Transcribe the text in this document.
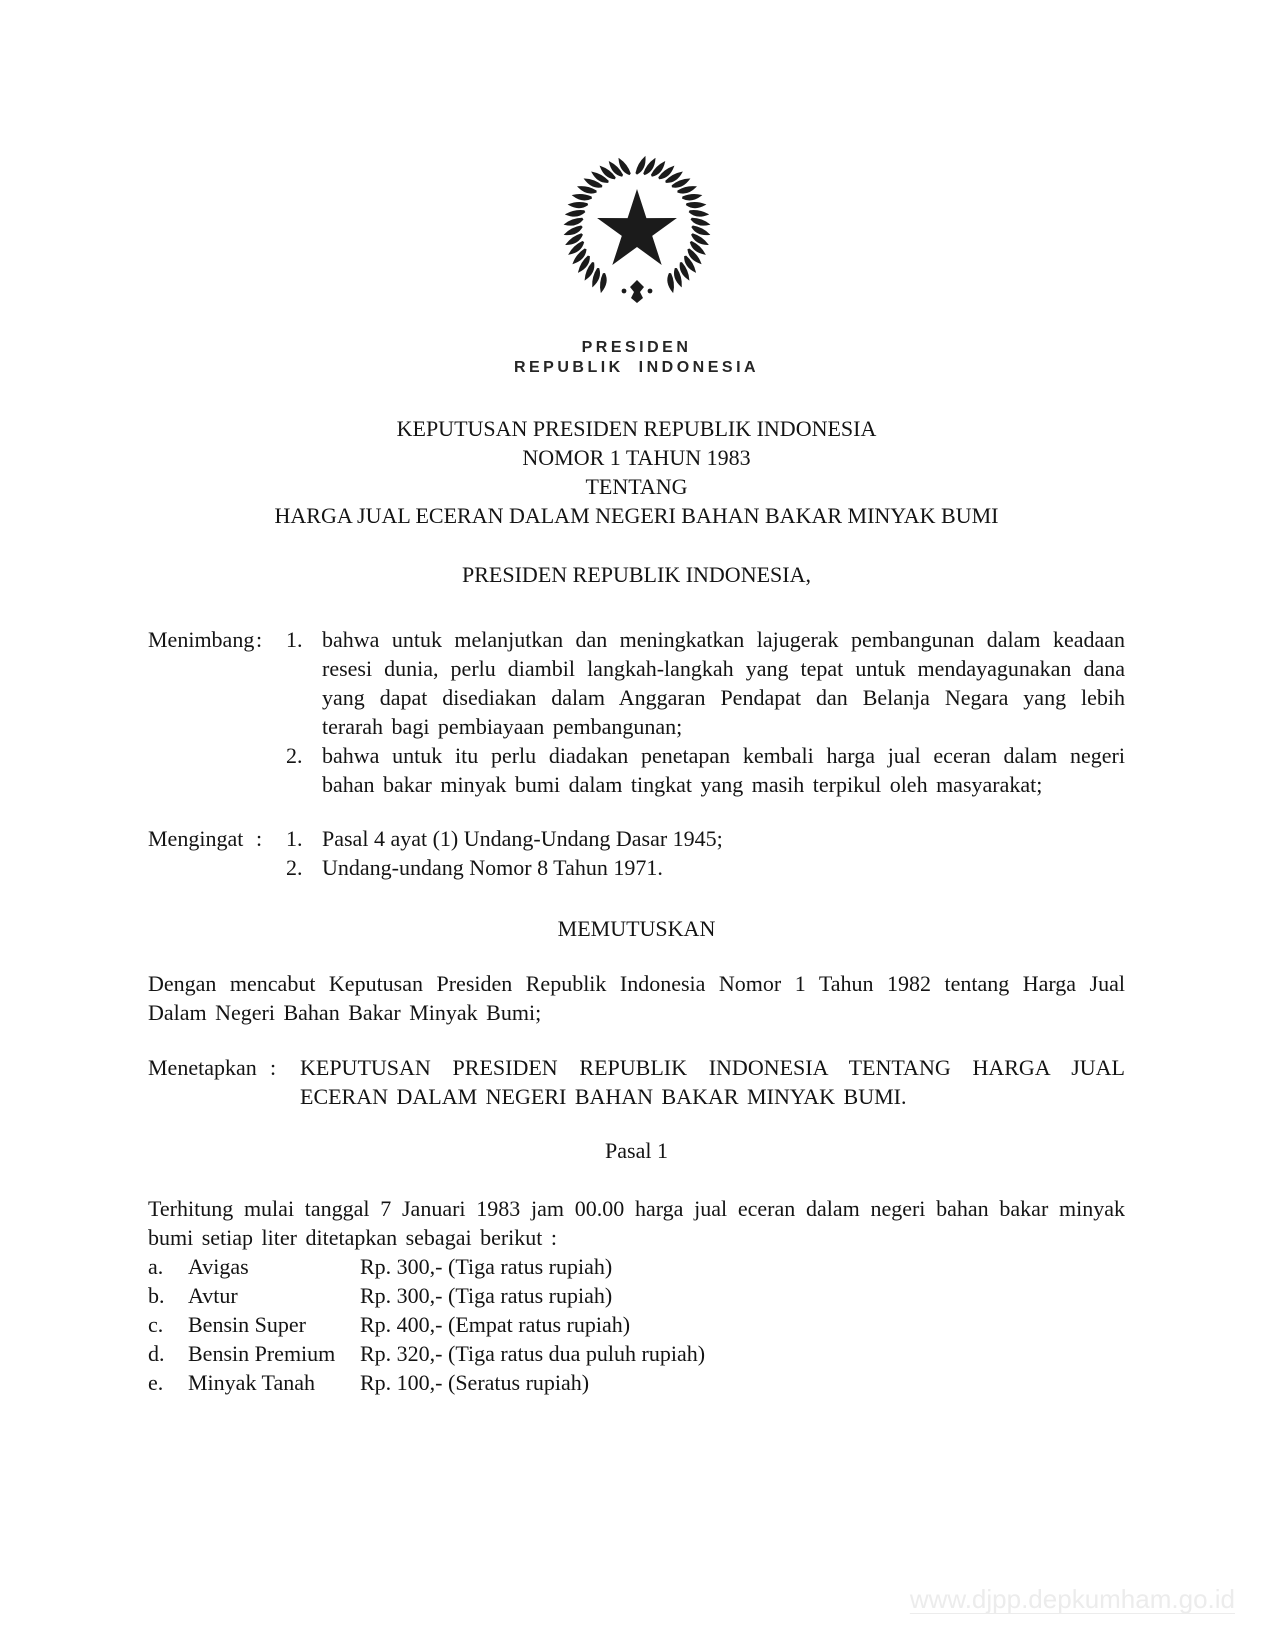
PRESIDEN
REPUBLIK INDONESIA
KEPUTUSAN PRESIDEN REPUBLIK INDONESIA
NOMOR 1 TAHUN 1983
TENTANG
HARGA JUAL ECERAN DALAM NEGERI BAHAN BAKAR MINYAK BUMI

PRESIDEN REPUBLIK INDONESIA,

Menimbang :	1. bahwa untuk melanjutkan dan meningkatkan lajugerak pembangunan dalam keadaan resesi dunia, perlu diambil langkah-langkah yang tepat untuk mendayagunakan dana yang dapat disediakan dalam Anggaran Pendapat dan Belanja Negara yang lebih terarah bagi pembiayaan pembangunan;
2. bahwa untuk itu perlu diadakan penetapan kembali harga jual eceran dalam negeri bahan bakar minyak bumi dalam tingkat yang masih terpikul oleh masyarakat;
Mengingat :	1. Pasal 4 ayat (1) Undang-Undang Dasar 1945;
2. Undang-undang Nomor 8 Tahun 1971.

MEMUTUSKAN

Dengan mencabut Keputusan Presiden Republik Indonesia Nomor 1 Tahun 1982 tentang Harga Jual Dalam Negeri Bahan Bakar Minyak Bumi;

Menetapkan :	KEPUTUSAN PRESIDEN REPUBLIK INDONESIA TENTANG HARGA JUAL ECERAN DALAM NEGERI BAHAN BAKAR MINYAK BUMI.

Pasal 1

Terhitung mulai tanggal 7 Januari 1983 jam 00.00 harga jual eceran dalam negeri bahan bakar minyak bumi setiap liter ditetapkan sebagai berikut :

a.	Avigas	Rp. 300,- (Tiga ratus rupiah)
b.	Avtur	Rp. 300,- (Tiga ratus rupiah)
c.	Bensin Super	Rp. 400,- (Empat ratus rupiah)
d.	Bensin Premium	Rp. 320,- (Tiga ratus dua puluh rupiah)
e.	Minyak Tanah	Rp. 100,- (Seratus rupiah)
www.djpp.depkumham.go.id
